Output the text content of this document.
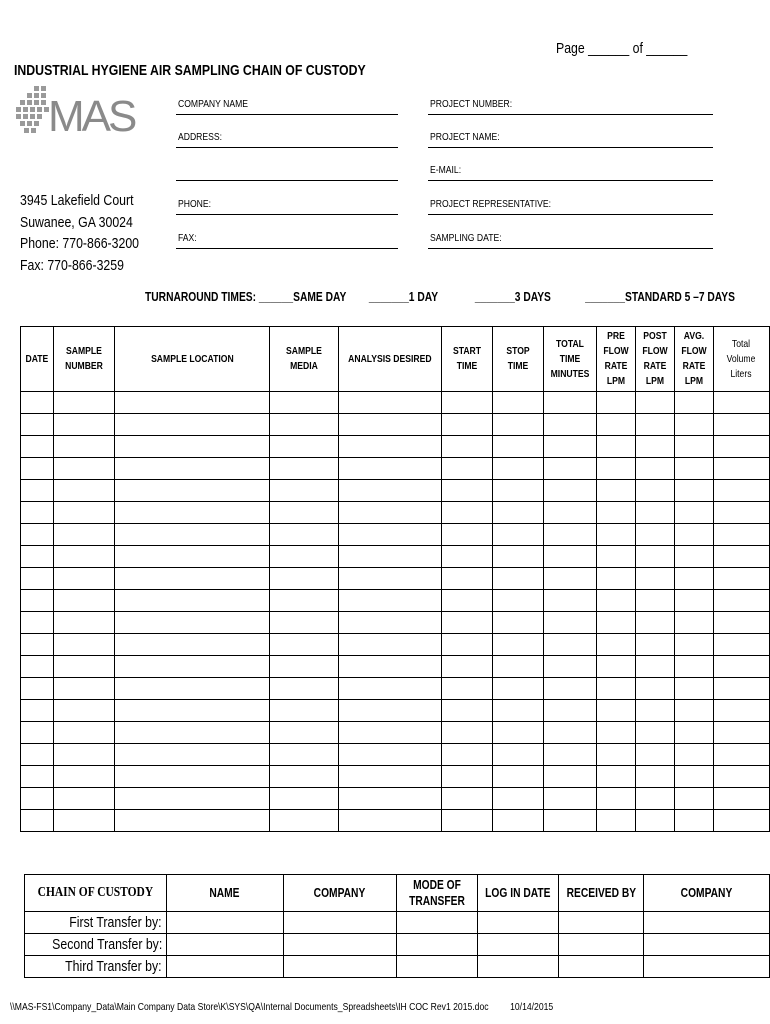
Page ______ of ______
INDUSTRIAL HYGIENE AIR SAMPLING CHAIN OF CUSTODY
MAS	COMPANY NAME
ADDRESS:
PHONE:
FAX:
PROJECT NUMBER:
PROJECT NAME:
E-MAIL:
PROJECT REPRESENTATIVE:
SAMPLING DATE:
3945 Lakefield Court
Suwanee, GA 30024
Phone: 770-866-3200
Fax: 770-866-3259
TURNAROUND TIMES: ______SAME DAY _______1 DAY	_______3 DAYS	_______STANDARD 5 –7 DAYS
DATE	SAMPLE NUMBER	SAMPLE LOCATION	SAMPLE MEDIA	ANALYSIS DESIRED	START TIME	STOP TIME	TOTAL TIME MINUTES	PRE FLOW RATE LPM	POST FLOW RATE LPM	AVG. FLOW RATE LPM	Total Volume Liters

CHAIN OF CUSTODY	NAME	COMPANY	MODE OF TRANSFER	LOG IN DATE	RECEIVED BY	COMPANY
First Transfer by:						
Second Transfer by:						
Third Transfer by:						
\\MAS-FS1\Company_Data\Main Company Data Store\K\SYS\QA\Internal Documents_Spreadsheets\IH COC Rev1 2015.doc 10/14/2015
